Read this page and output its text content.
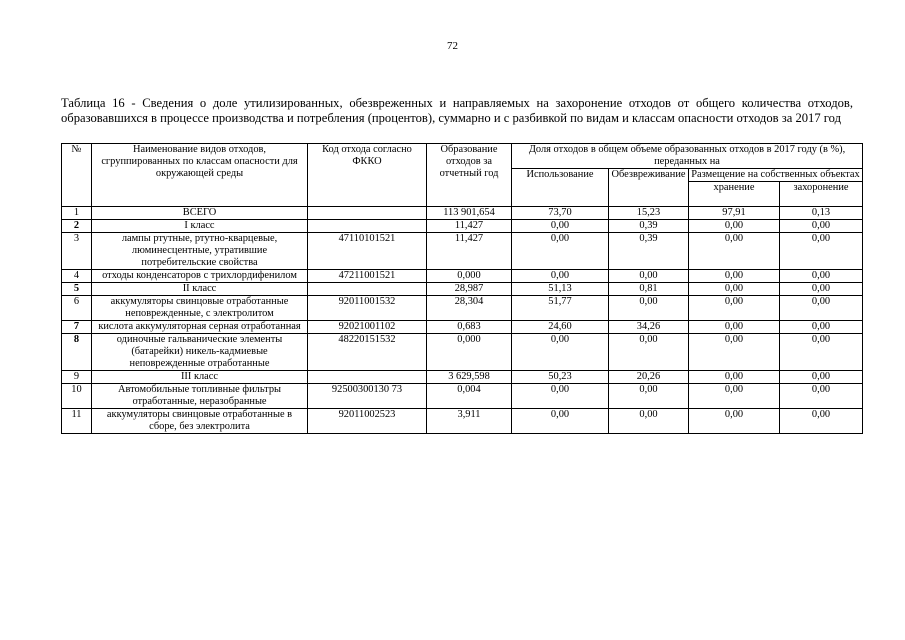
72
Таблица 16 - Сведения о доле утилизированных, обезвреженных и направляемых на захоронение отходов от общего количества отходов, образовавшихся в процессе производства и потребления (процентов), суммарно и с разбивкой по видам и классам опасности отходов за 2017 год
№	Наименование видов отходов, сгруппированных по классам опасности для окружающей среды	Код отхода согласно ФККО	Образование отходов за отчетный год	Доля отходов в общем объеме образованных отходов в 2017 году (в %), переданных на			
				Использование	Обезвреживание	Размещение на собственных объектах	
						хранение	захоронение
1	ВСЕГО		113 901,654	73,70	15,23	97,91	0,13
2	I класс		11,427	0,00	0,39	0,00	0,00
3	лампы ртутные, ртутно-кварцевые, люминесцентные, утратившие потребительские свойства	47110101521	11,427	0,00	0,39	0,00	0,00
4	отходы конденсаторов с трихлордифенилом	47211001521	0,000	0,00	0,00	0,00	0,00
5	II класс		28,987	51,13	0,81	0,00	0,00
6	аккумуляторы свинцовые отработанные неповрежденные, с электролитом	92011001532	28,304	51,77	0,00	0,00	0,00
7	кислота аккумуляторная серная отработанная	92021001102	0,683	24,60	34,26	0,00	0,00
8	одиночные гальванические элементы (батарейки) никель-кадмиевые неповрежденные отработанные	48220151532	0,000	0,00	0,00	0,00	0,00
9	III класс		3 629,598	50,23	20,26	0,00	0,00
10	Автомобильные топливные фильтры отработанные, неразобранные	92500300130 73	0,004	0,00	0,00	0,00	0,00
11	аккумуляторы свинцовые отработанные в сборе, без электролита	92011002523	3,911	0,00	0,00	0,00	0,00
